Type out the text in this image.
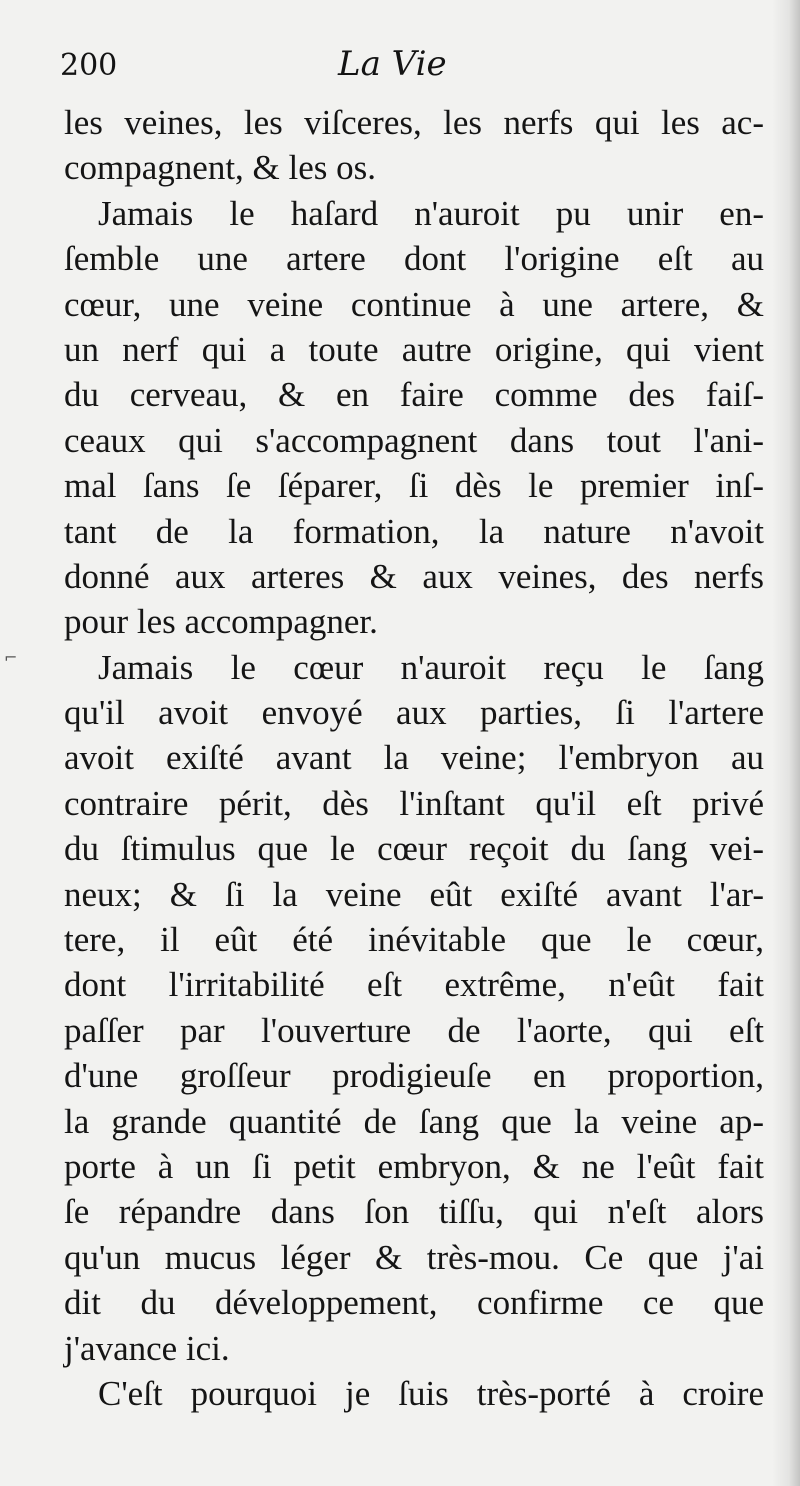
200	La Vie
les veines, les viſceres, les nerfs qui les ac-
compagnent, & les os.
Jamais le haſard n'auroit pu unir en-
ſemble une artere dont l'origine eſt au
cœur, une veine continue à une artere, &
un nerf qui a toute autre origine, qui vient
du cerveau, & en faire comme des faiſ-
ceaux qui s'accompagnent dans tout l'ani-
mal ſans ſe ſéparer, ſi dès le premier inſ-
tant de la formation, la nature n'avoit
donné aux arteres & aux veines, des nerfs
pour les accompagner.
Jamais le cœur n'auroit reçu le ſang
qu'il avoit envoyé aux parties, ſi l'artere
avoit exiſté avant la veine; l'embryon au
contraire périt, dès l'inſtant qu'il eſt privé
du ſtimulus que le cœur reçoit du ſang vei-
neux; & ſi la veine eût exiſté avant l'ar-
tere, il eût été inévitable que le cœur,
dont l'irritabilité eſt extrême, n'eût fait
paſſer par l'ouverture de l'aorte, qui eſt
d'une groſſeur prodigieuſe en proportion,
la grande quantité de ſang que la veine ap-
porte à un ſi petit embryon, & ne l'eût fait
ſe répandre dans ſon tiſſu, qui n'eſt alors
qu'un mucus léger & très-mou. Ce que j'ai
dit du développement, confirme ce que
j'avance ici.
C'eſt pourquoi je ſuis très-porté à croire
⌐
